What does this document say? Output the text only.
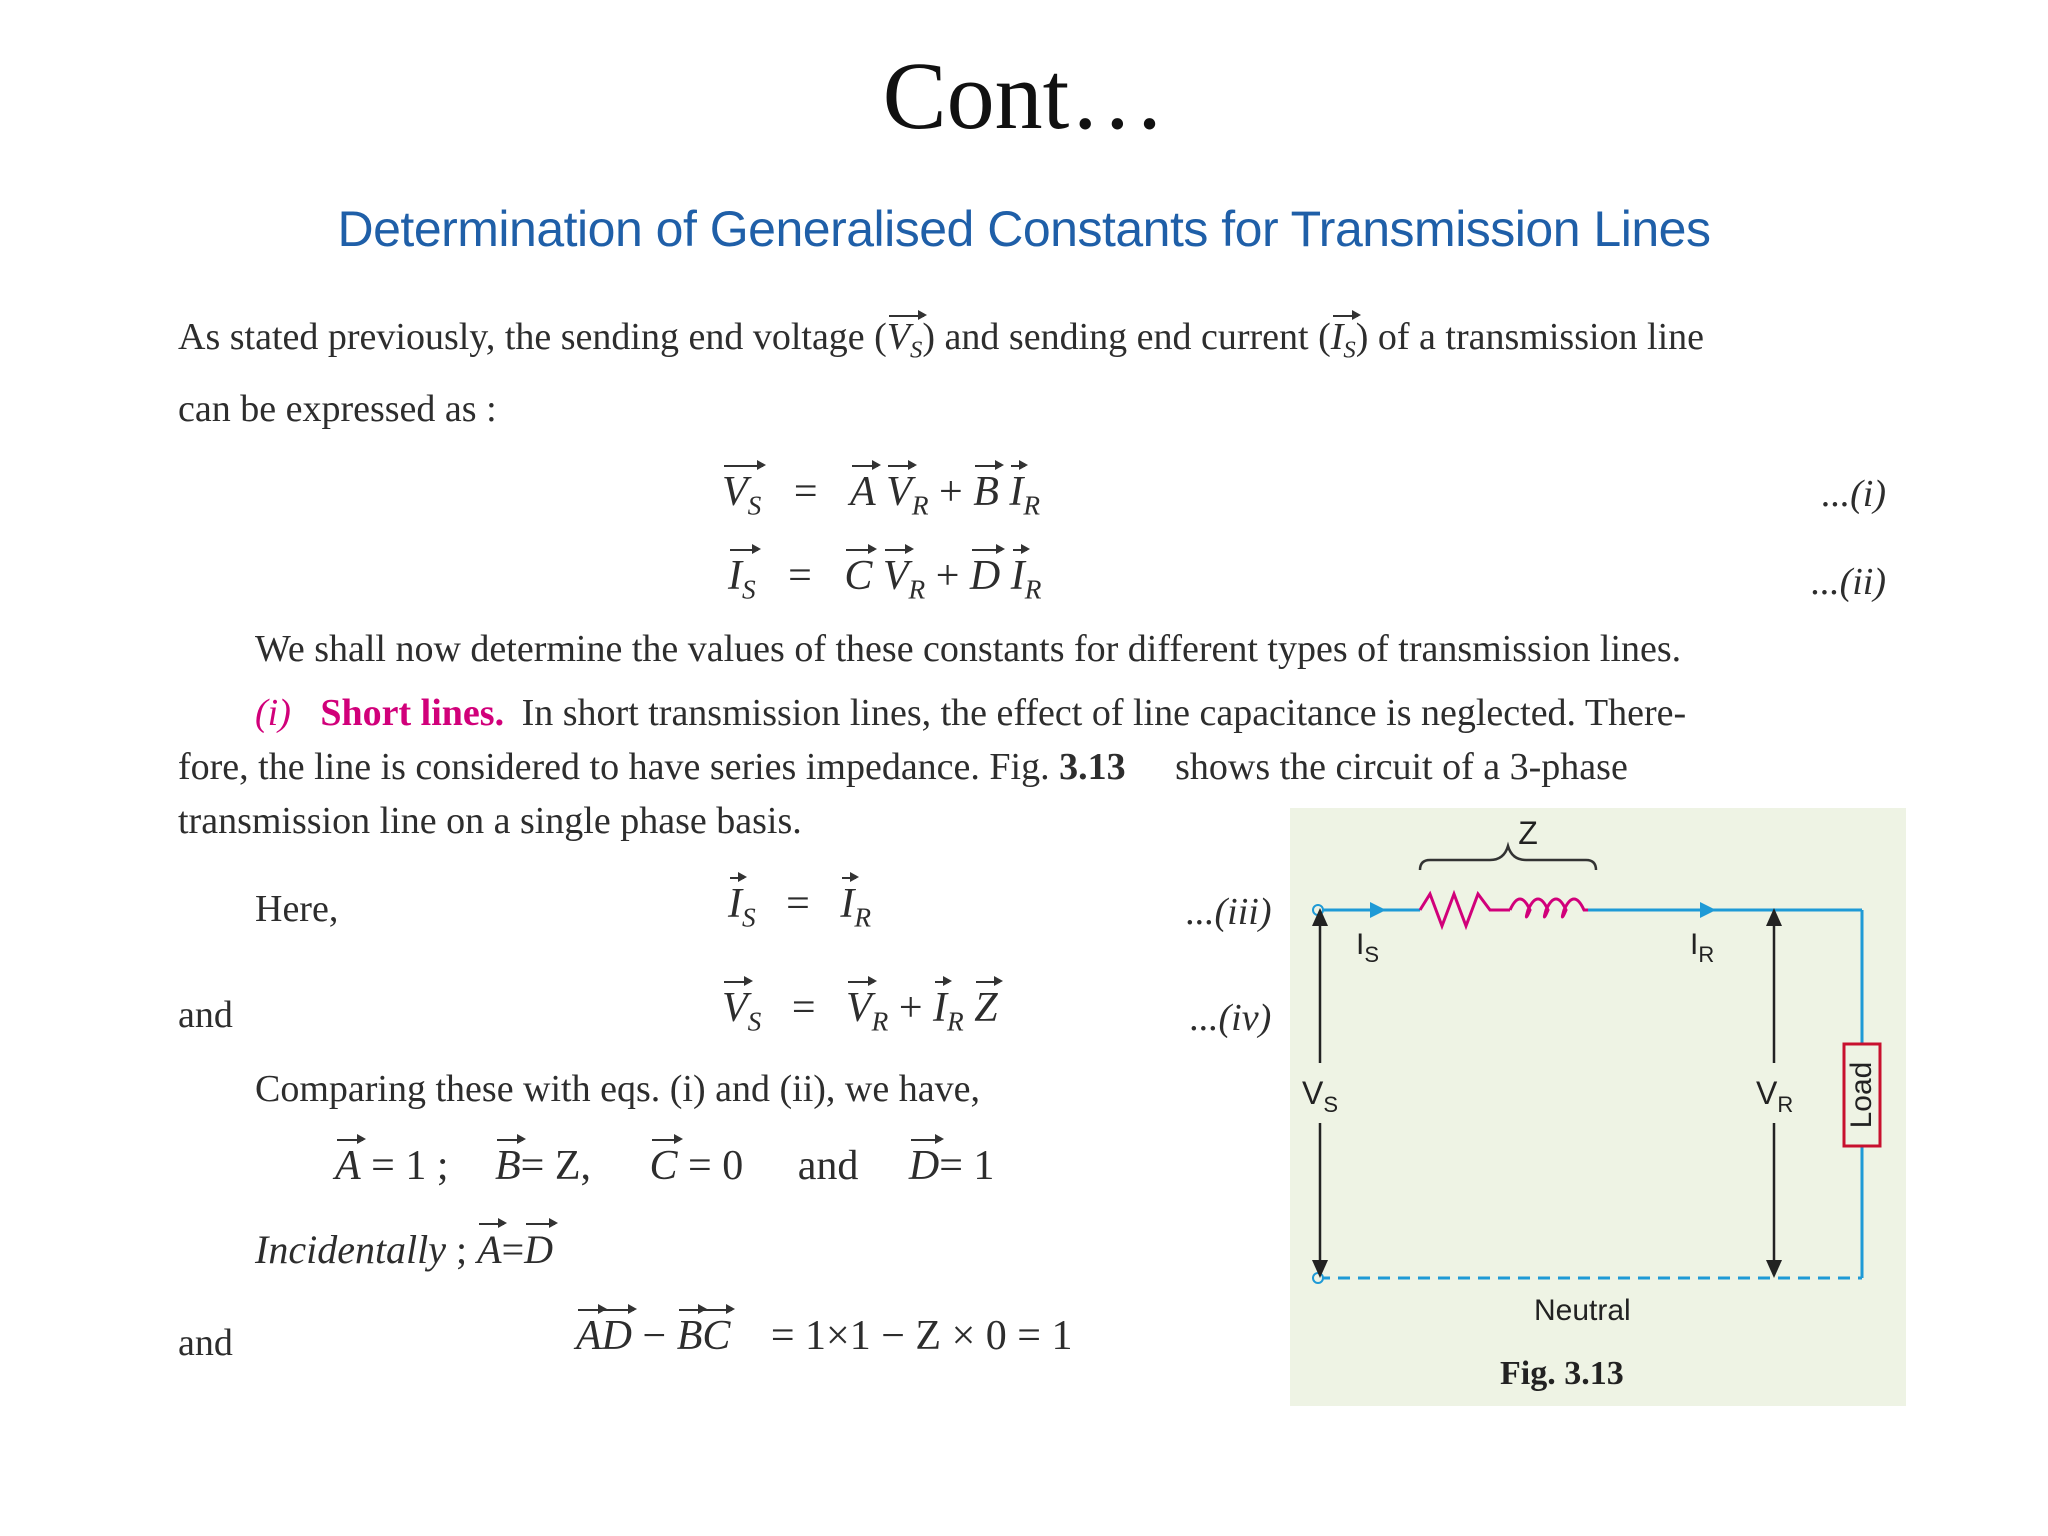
Cont…
Determination of Generalised Constants for Transmission Lines
As stated previously, the sending end voltage $(V_S)$ and sending end current $(I_S)$ of a transmission line
can be expressed as :
$V_S = A$ $V_R + B$ $I_R$	...(i)
$I_S = C$ $V_R + D$ $I_R$	...(ii)
We shall now determine the values of these constants for different types of transmission lines.
(i) Short lines. In short transmission lines, the effect of line capacitance is neglected. There-
fore, the line is considered to have series impedance. Fig. 3.13 shows the circuit of a 3-phase
transmission line on a single phase basis.
Here,	$I_S = I_R$	...(iii)
and	$V_S = V_R + I_R$ Z	...(iv)
Comparing these with eqs. (i) and (ii), we have,
A = 1 ; B= Z, C = 0 and D= 1
Incidentally ; A=D
and	AD − BC = 1×1 − Z × 0 = 1
Load
Z
$I_S$	$I_R$
$V_S$	$V_R$
Neutral
Fig. 3.13
